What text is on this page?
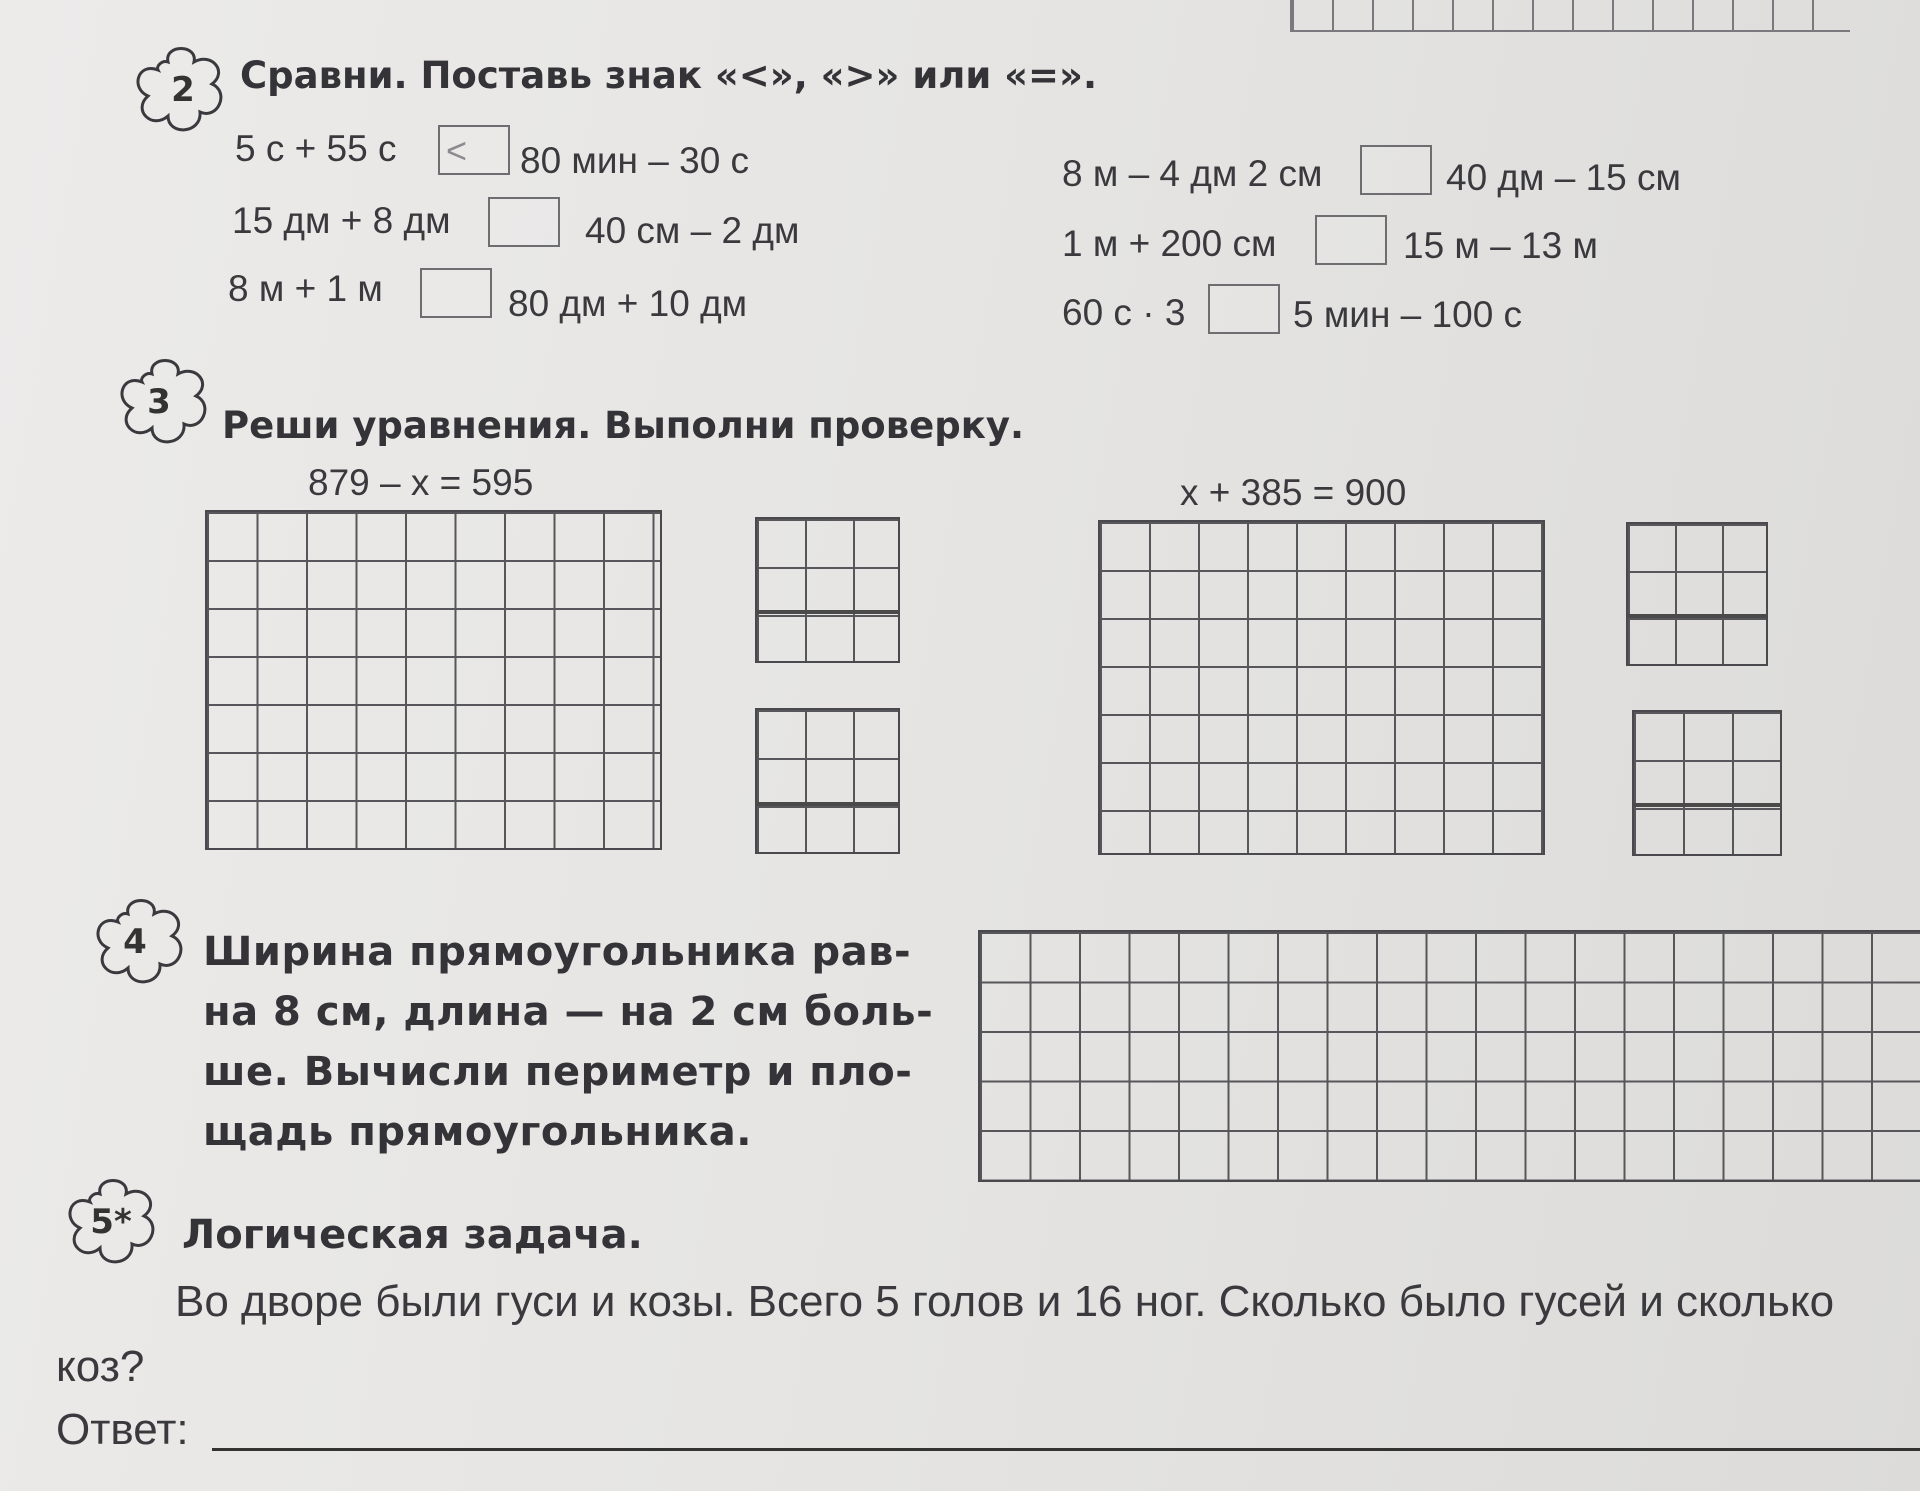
2	Сравни. Поставь знак «<», «>» или «=».
5 с + 55 с < 80 мин – 30 с
15 дм + 8 дм	40 см – 2 дм
8 м + 1 м	80 дм + 10 дм
8 м – 4 дм 2 см	40 дм – 15 см
1 м + 200 см	15 м – 13 м
60 с · 3	5 мин – 100 с
3
Реши уравнения. Выполни проверку.
879 – x = 595	x + 385 = 900
4	Ширина прямоугольника рав-
на 8 см, длина — на 2 см боль-
ше. Вычисли периметр и пло-
щадь прямоугольника.
5*	Логическая задача.
Во дворе были гуси и козы. Всего 5 голов и 16 ног. Сколько было гусей и сколько
коз?
Ответ:
